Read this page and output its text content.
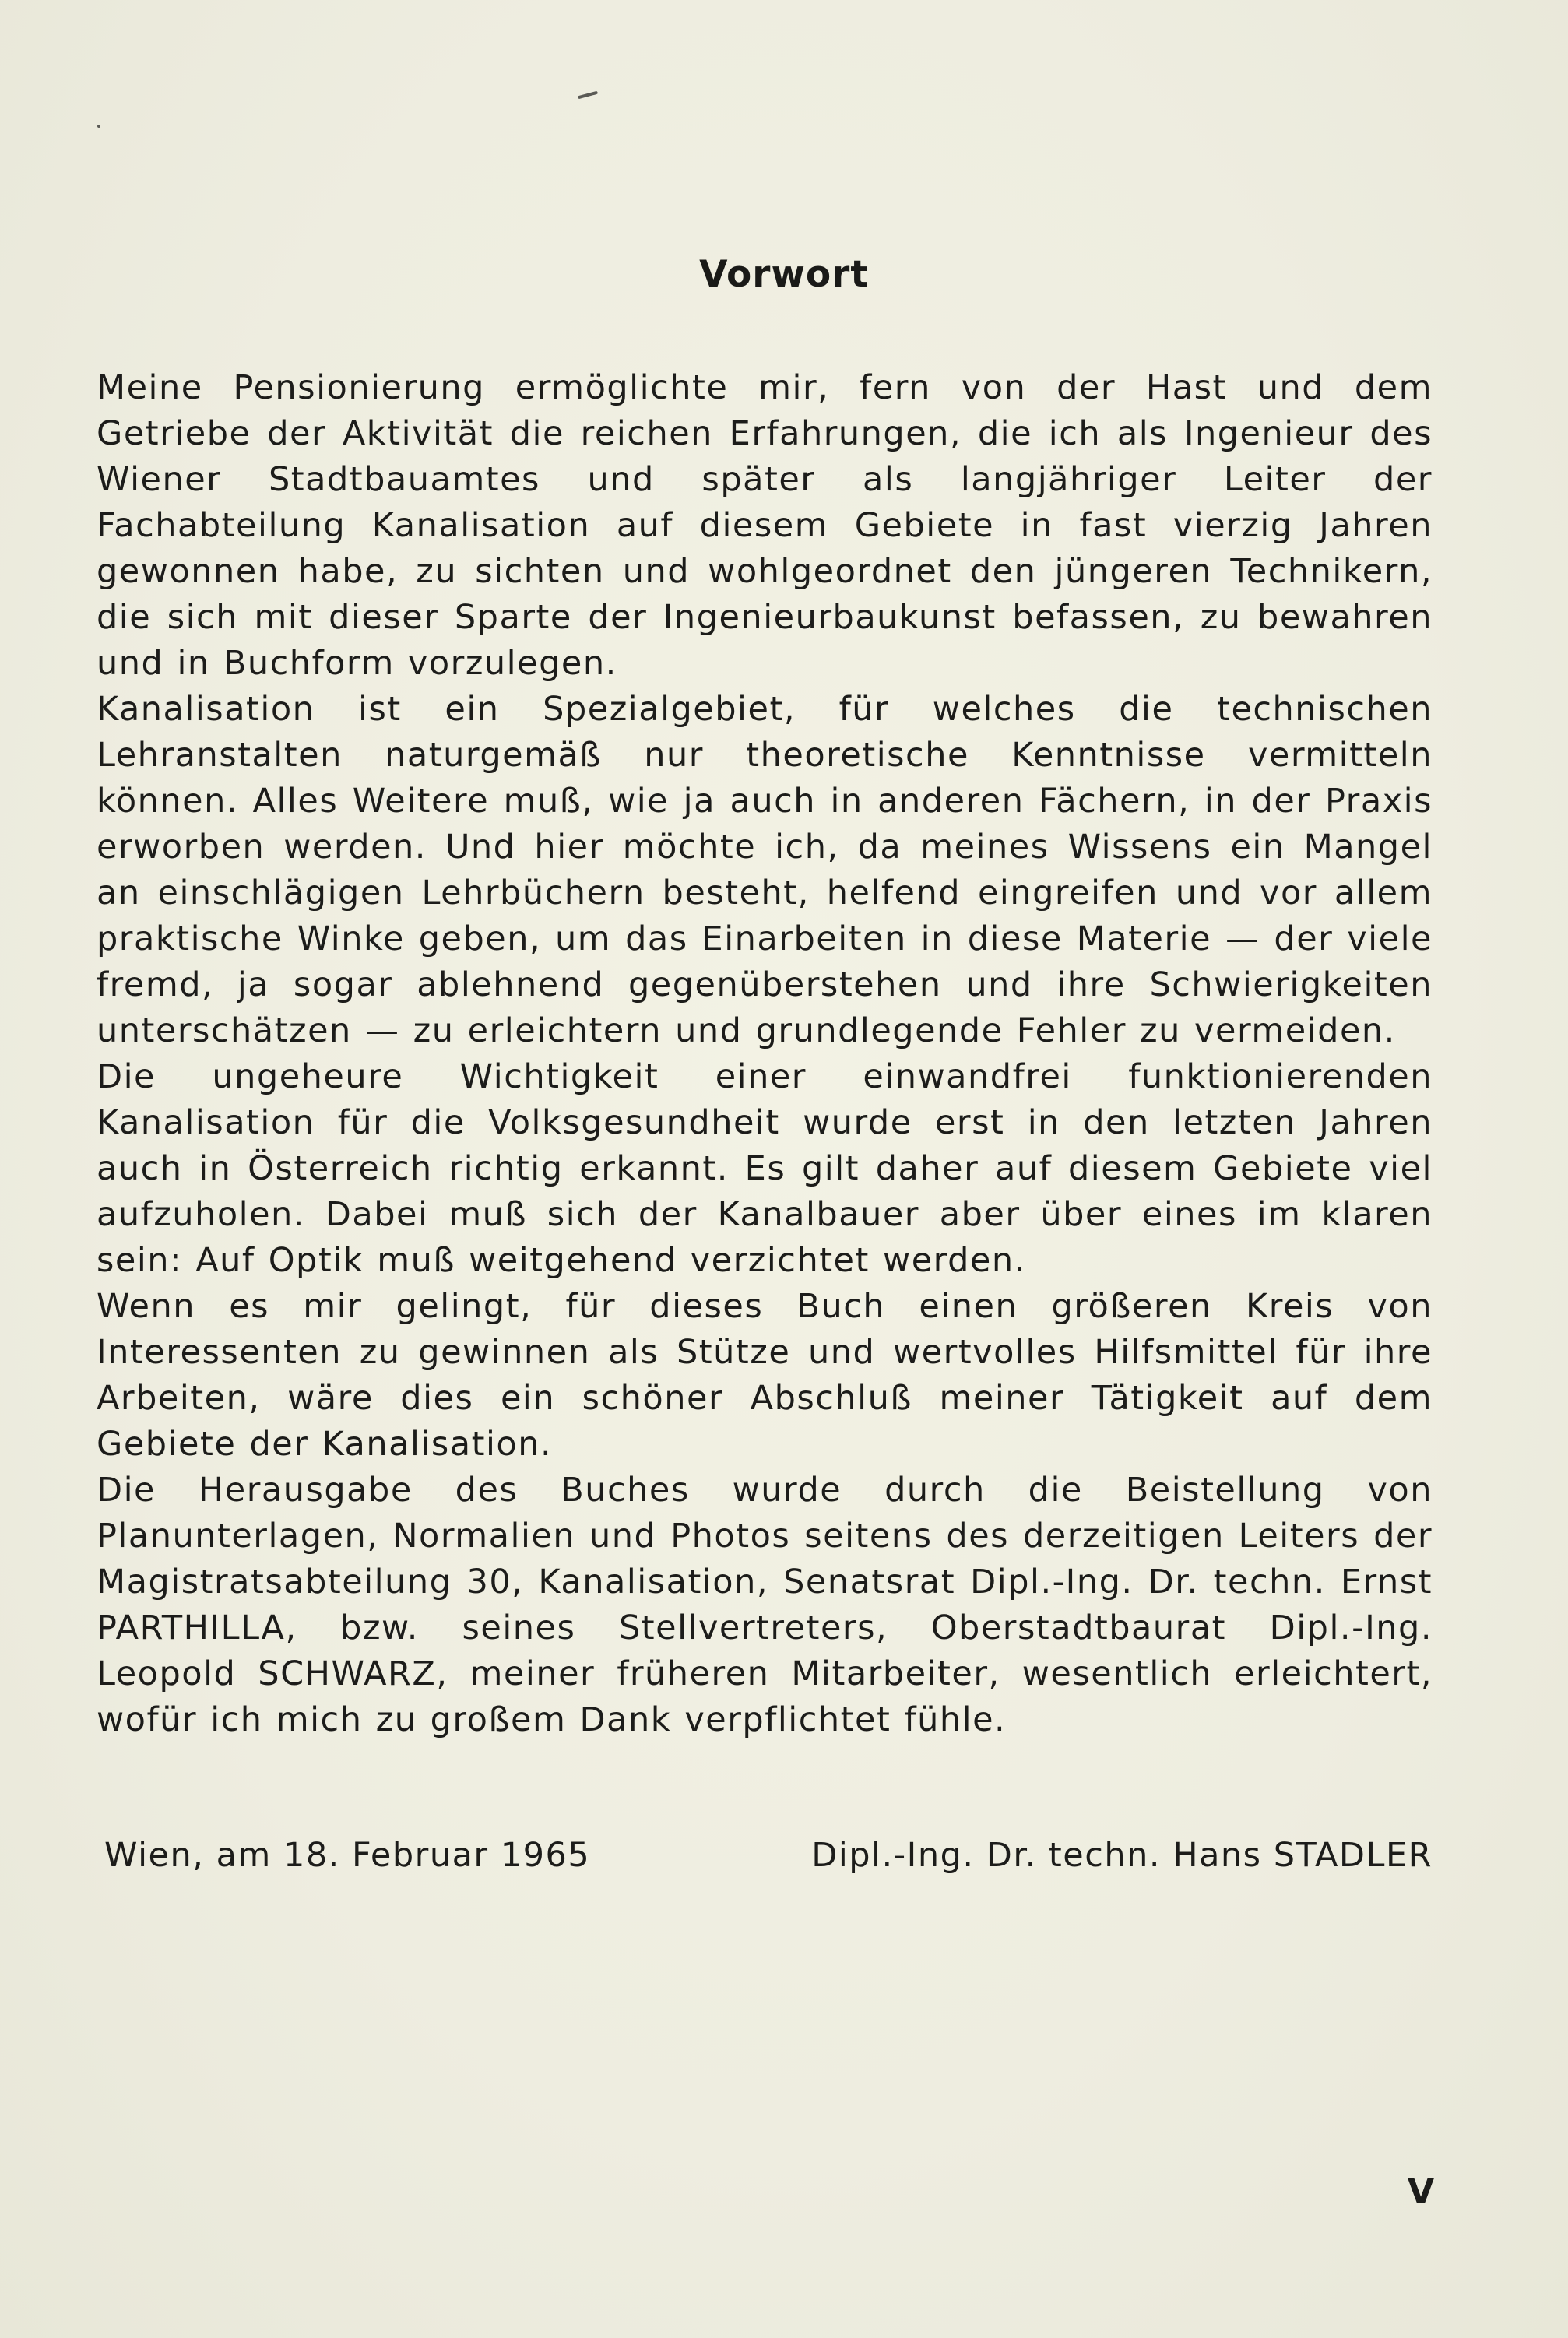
Vorwort

Meine Pensionierung ermöglichte mir, fern von der Hast und dem Getriebe der Aktivität die reichen Erfahrungen, die ich als Ingenieur des Wiener Stadtbauamtes und später als langjähriger Leiter der Fachabteilung Kanalisation auf diesem Gebiete in fast vierzig Jahren gewonnen habe, zu sichten und wohlgeordnet den jüngeren Technikern, die sich mit dieser Sparte der Ingenieurbaukunst befassen, zu bewahren und in Buchform vorzulegen.

Kanalisation ist ein Spezialgebiet, für welches die technischen Lehranstalten naturgemäß nur theoretische Kenntnisse vermitteln können. Alles Weitere muß, wie ja auch in anderen Fächern, in der Praxis erworben werden. Und hier möchte ich, da meines Wissens ein Mangel an einschlägigen Lehrbüchern besteht, helfend eingreifen und vor allem praktische Winke geben, um das Einarbeiten in diese Materie — der viele fremd, ja sogar ablehnend gegenüberstehen und ihre Schwierigkeiten unterschätzen — zu erleichtern und grundlegende Fehler zu vermeiden.

Die ungeheure Wichtigkeit einer einwandfrei funktionierenden Kanalisation für die Volksgesundheit wurde erst in den letzten Jahren auch in Österreich richtig erkannt. Es gilt daher auf diesem Gebiete viel aufzuholen. Dabei muß sich der Kanalbauer aber über eines im klaren sein: Auf Optik muß weitgehend verzichtet werden.

Wenn es mir gelingt, für dieses Buch einen größeren Kreis von Interessenten zu gewinnen als Stütze und wertvolles Hilfsmittel für ihre Arbeiten, wäre dies ein schöner Abschluß meiner Tätigkeit auf dem Gebiete der Kanalisation.

Die Herausgabe des Buches wurde durch die Beistellung von Planunterlagen, Normalien und Photos seitens des derzeitigen Leiters der Magistratsabteilung 30, Kanalisation, Senatsrat Dipl.-Ing. Dr. techn. Ernst PARTHILLA, bzw. seines Stellvertreters, Oberstadtbaurat Dipl.-Ing. Leopold SCHWARZ, meiner früheren Mitarbeiter, wesentlich erleichtert, wofür ich mich zu großem Dank verpflichtet fühle.

Wien, am 18. Februar 1965	Dipl.-Ing. Dr. techn. Hans STADLER
V
